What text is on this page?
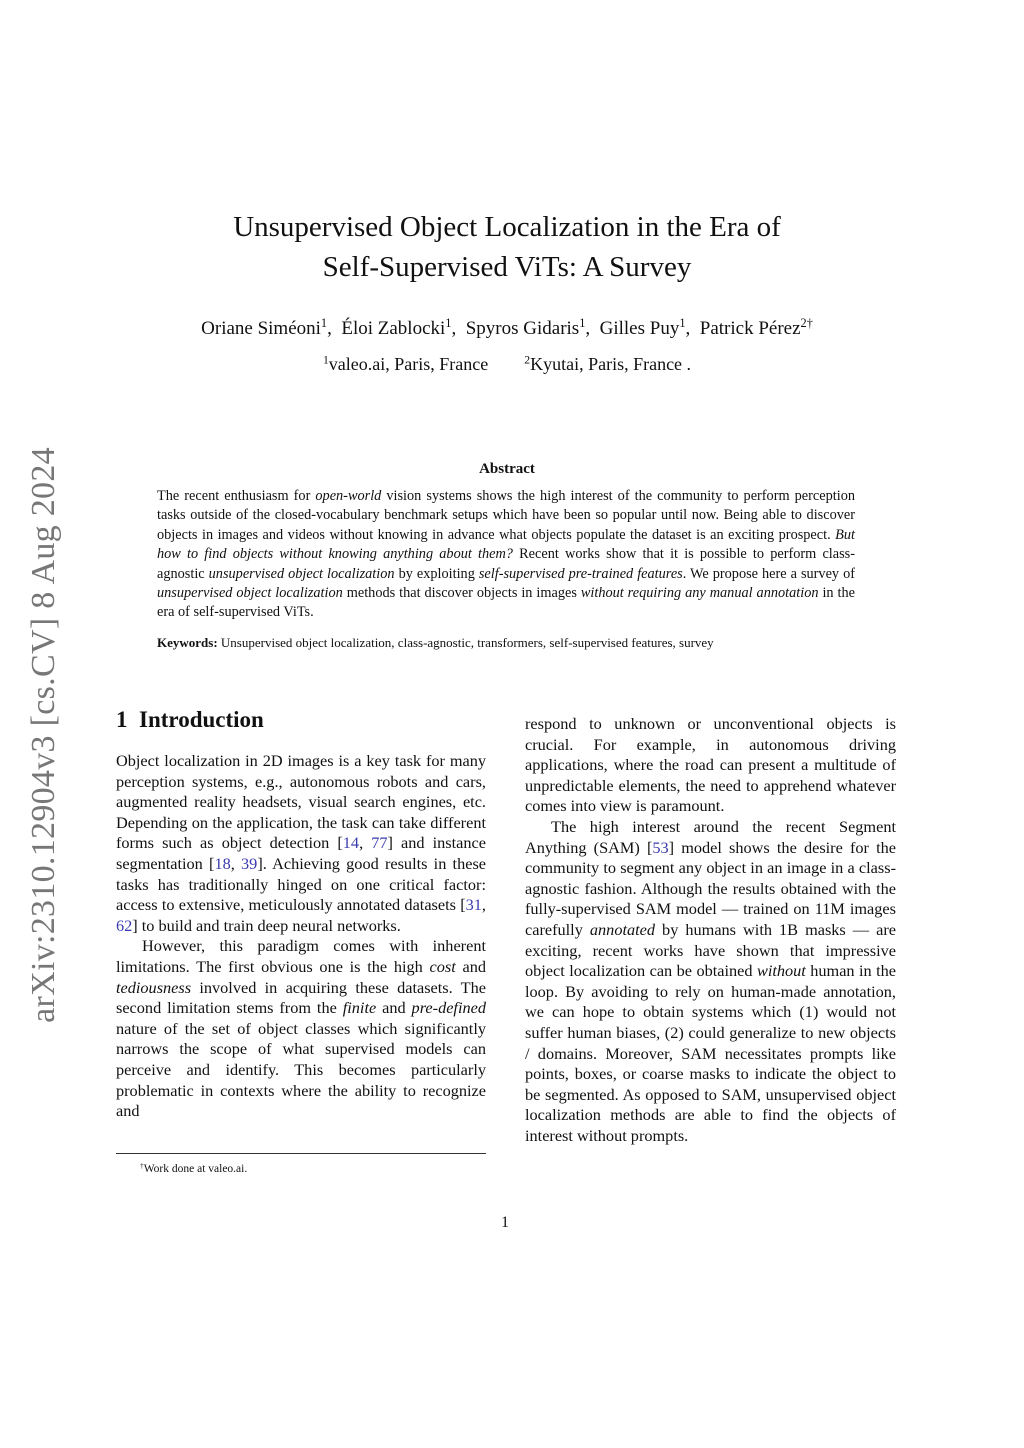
arXiv:2310.12904v3 [cs.CV] 8 Aug 2024
Unsupervised Object Localization in the Era of
Self-Supervised ViTs: A Survey
Oriane Siméoni$^1$,  Éloi Zablocki$^1$,  Spyros Gidaris$^1$,  Gilles Puy$^1$,  Patrick Pérez$^{2\dagger}$
$^1$valeo.ai, Paris, France	$^2$Kyutai, Paris, France .
Abstract
The recent enthusiasm for open-world vision systems shows the high interest of the community to perform perception tasks outside of the closed-vocabulary benchmark setups which have been so popular until now. Being able to discover objects in images and videos without knowing in advance what objects populate the dataset is an exciting prospect. But how to find objects without knowing anything about them? Recent works show that it is possible to perform class-agnostic unsupervised object localization by exploiting self-supervised pre-trained features. We propose here a survey of unsupervised object localization methods that discover objects in images without requiring any manual annotation in the era of self-supervised ViTs.
Keywords: Unsupervised object localization, class-agnostic, transformers, self-supervised features, survey
1 Introduction

Object localization in 2D images is a key task for many perception systems, e.g., autonomous robots and cars, augmented reality headsets, visual search engines, etc. Depending on the application, the task can take different forms such as object detection [14, 77] and instance segmentation [18, 39]. Achieving good results in these tasks has traditionally hinged on one critical factor: access to extensive, meticulously annotated datasets [31, 62] to build and train deep neural networks.

However, this paradigm comes with inherent limitations. The first obvious one is the high cost and tediousness involved in acquiring these datasets. The second limitation stems from the finite and pre-defined nature of the set of object classes which significantly narrows the scope of what supervised models can perceive and identify. This becomes particularly problematic in contexts where the ability to recognize and

respond to unknown or unconventional objects is crucial. For example, in autonomous driving applications, where the road can present a multitude of unpredictable elements, the need to apprehend whatever comes into view is paramount.

The high interest around the recent Segment Anything (SAM) [53] model shows the desire for the community to segment any object in an image in a class-agnostic fashion. Although the results obtained with the fully-supervised SAM model — trained on 11M images carefully annotated by humans with 1B masks — are exciting, recent works have shown that impressive object localization can be obtained without human in the loop. By avoiding to rely on human-made annotation, we can hope to obtain systems which (1) would not suffer human biases, (2) could generalize to new objects / domains. Moreover, SAM necessitates prompts like points, boxes, or coarse masks to indicate the object to be segmented. As opposed to SAM, unsupervised object localization methods are able to find the objects of interest without prompts.

†Work done at valeo.ai.
1
